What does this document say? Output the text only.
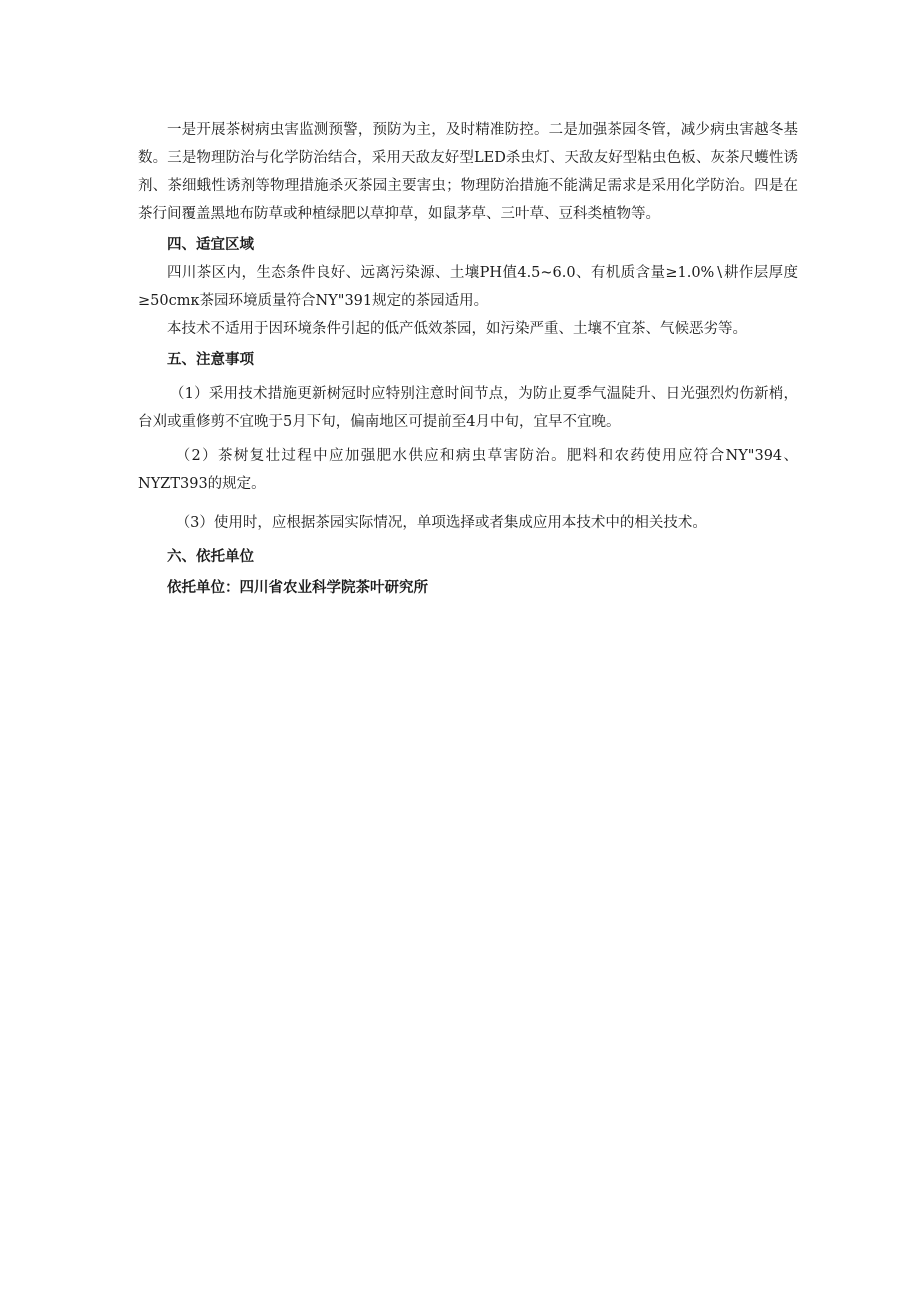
一是开展茶树病虫害监测预警，预防为主，及时精准防控。二是加强茶园冬管，减少病虫害越冬基数。三是物理防治与化学防治结合，采用天敌友好型LED杀虫灯、天敌友好型粘虫色板、灰茶尺蠖性诱剂、茶细蛾性诱剂等物理措施杀灭茶园主要害虫；物理防治措施不能满足需求是采用化学防治。四是在茶行间覆盖黑地布防草或种植绿肥以草抑草，如鼠茅草、三叶草、豆科类植物等。

四、适宜区域

四川茶区内，生态条件良好、远离污染源、土壤PH值4.5~6.0、有机质含量≥1.0%∖耕作层厚度≥50cmκ茶园环境质量符合NY"391规定的茶园适用。

本技术不适用于因环境条件引起的低产低效茶园，如污染严重、土壤不宜茶、气候恶劣等。

五、注意事项

（1）采用技术措施更新树冠时应特别注意时间节点，为防止夏季气温陡升、日光强烈灼伤新梢，台刈或重修剪不宜晚于5月下旬，偏南地区可提前至4月中旬，宜早不宜晚。

（2）茶树复壮过程中应加强肥水供应和病虫草害防治。肥料和农药使用应符合NY"394、NYZT393的规定。

（3）使用时，应根据茶园实际情况，单项选择或者集成应用本技术中的相关技术。

六、依托单位

依托单位：四川省农业科学院茶叶研究所
